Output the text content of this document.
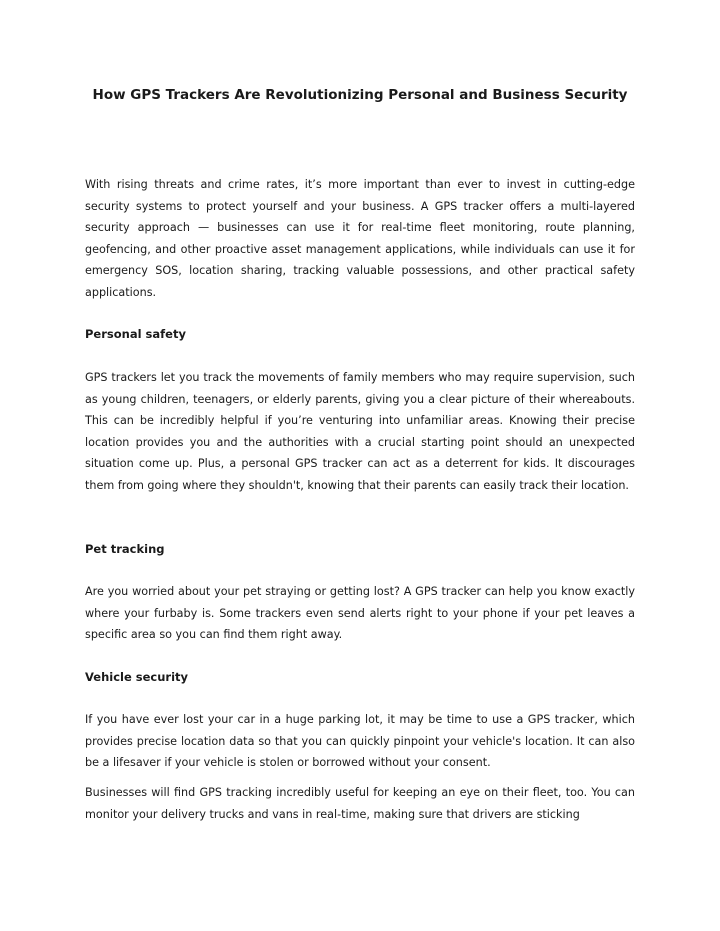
How GPS Trackers Are Revolutionizing Personal and Business Security

With rising threats and crime rates, it’s more important than ever to invest in cutting-edge security systems to protect yourself and your business. A GPS tracker offers a multi-layered security approach — businesses can use it for real-time fleet monitoring, route planning, geofencing, and other proactive asset management applications, while individuals can use it for emergency SOS, location sharing, tracking valuable possessions, and other practical safety applications.

Personal safety

GPS trackers let you track the movements of family members who may require supervision, such as young children, teenagers, or elderly parents, giving you a clear picture of their whereabouts. This can be incredibly helpful if you’re venturing into unfamiliar areas. Knowing their precise location provides you and the authorities with a crucial starting point should an unexpected situation come up. Plus, a personal GPS tracker can act as a deterrent for kids. It discourages them from going where they shouldn't, knowing that their parents can easily track their location.

Pet tracking

Are you worried about your pet straying or getting lost? A GPS tracker can help you know exactly where your furbaby is. Some trackers even send alerts right to your phone if your pet leaves a specific area so you can find them right away.

Vehicle security

If you have ever lost your car in a huge parking lot, it may be time to use a GPS tracker, which provides precise location data so that you can quickly pinpoint your vehicle's location. It can also be a lifesaver if your vehicle is stolen or borrowed without your consent.

Businesses will find GPS tracking incredibly useful for keeping an eye on their fleet, too. You can monitor your delivery trucks and vans in real-time, making sure that drivers are sticking
